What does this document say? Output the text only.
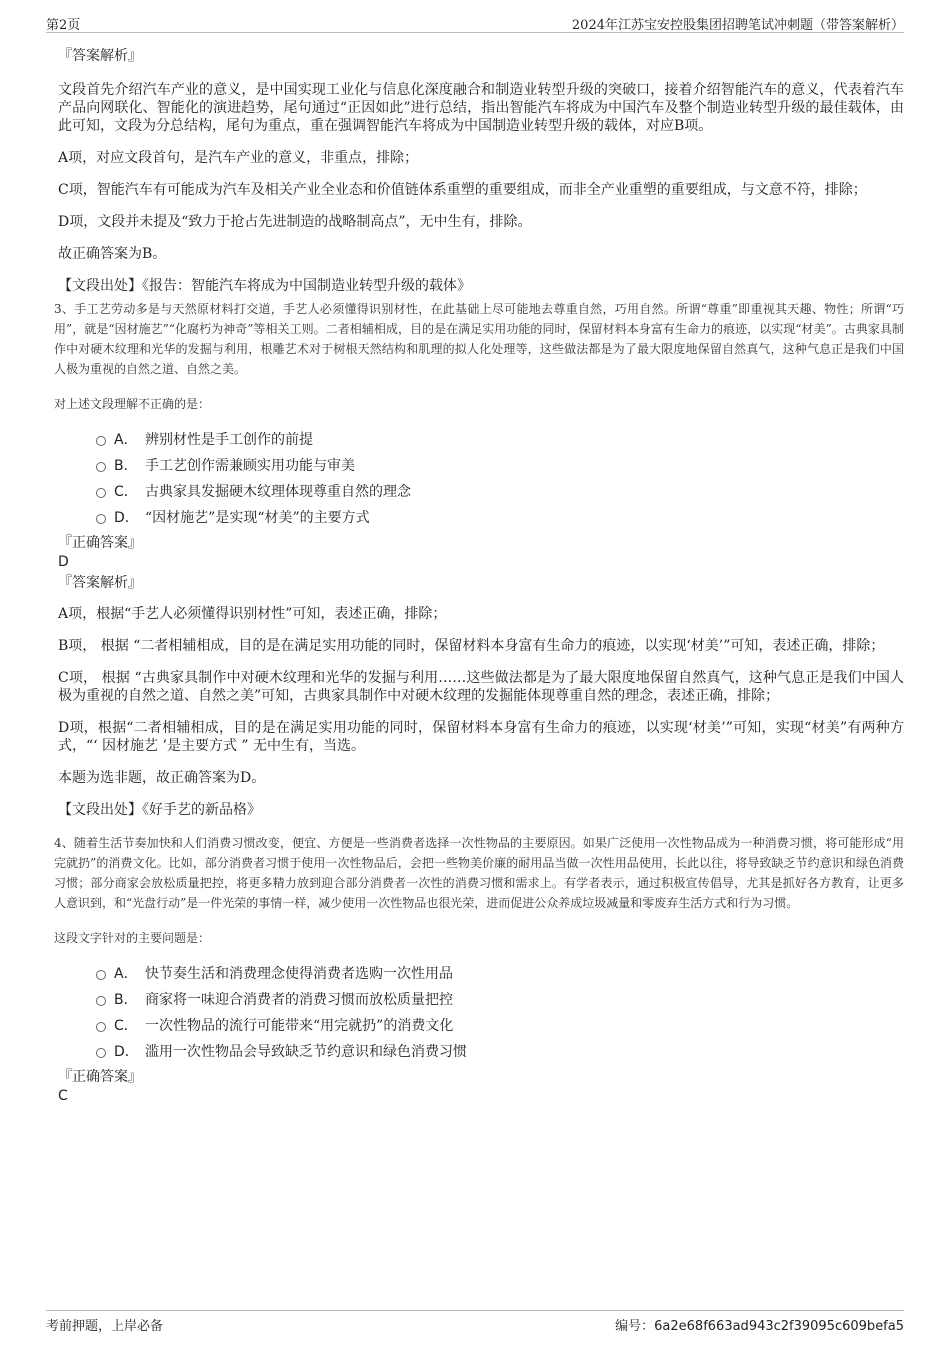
第2页	2024年江苏宝安控股集团招聘笔试冲刺题（带答案解析）
『答案解析』

文段首先介绍汽车产业的意义，是中国实现工业化与信息化深度融合和制造业转型升级的突破口，接着介绍智能汽车的意义，代表着汽车产品向网联化、智能化的演进趋势，尾句通过“正因如此”进行总结，指出智能汽车将成为中国汽车及整个制造业转型升级的最佳载体，由此可知，文段为分总结构，尾句为重点，重在强调智能汽车将成为中国制造业转型升级的载体，对应B项。

A项，对应文段首句，是汽车产业的意义，非重点，排除；

C项，智能汽车有可能成为汽车及相关产业全业态和价值链体系重塑的重要组成，而非全产业重塑的重要组成，与文意不符，排除；

D项，文段并未提及“致力于抢占先进制造的战略制高点”，无中生有，排除。

故正确答案为B。

【文段出处】《报告：智能汽车将成为中国制造业转型升级的载体》

3、手工艺劳动多是与天然原材料打交道，手艺人必须懂得识别材性，在此基础上尽可能地去尊重自然，巧用自然。所谓“尊重”即重视其天趣、物性；所谓“巧用”，就是“因材施艺”“化腐朽为神奇”等相关工则。二者相辅相成，目的是在满足实用功能的同时，保留材料本身富有生命力的痕迹，以实现“材美”。古典家具制作中对硬木纹理和光华的发掘与利用，根雕艺术对于树根天然结构和肌理的拟人化处理等，这些做法都是为了最大限度地保留自然真气，这种气息正是我们中国人极为重视的自然之道、自然之美。

对上述文段理解不正确的是：
A． 辨别材性是手工创作的前提
B． 手工艺创作需兼顾实用功能与审美
C． 古典家具发掘硬木纹理体现尊重自然的理念
D． “因材施艺”是实现“材美”的主要方式
『正确答案』
D
『答案解析』

A项，根据“手艺人必须懂得识别材性”可知，表述正确，排除；

B项， 根据 “二者相辅相成，目的是在满足实用功能的同时，保留材料本身富有生命力的痕迹，以实现‘材美’”可知，表述正确，排除；

C项， 根据 “古典家具制作中对硬木纹理和光华的发掘与利用……这些做法都是为了最大限度地保留自然真气，这种气息正是我们中国人极为重视的自然之道、自然之美”可知，古典家具制作中对硬木纹理的发掘能体现尊重自然的理念，表述正确，排除；

D项，根据“二者相辅相成，目的是在满足实用功能的同时，保留材料本身富有生命力的痕迹，以实现‘材美’”可知，实现“材美”有两种方式，“‘ 因材施艺 ’是主要方式 ” 无中生有，当选。

本题为选非题，故正确答案为D。

【文段出处】《好手艺的新品格》

4、随着生活节奏加快和人们消费习惯改变，便宜、方便是一些消费者选择一次性物品的主要原因。如果广泛使用一次性物品成为一种消费习惯，将可能形成“用完就扔”的消费文化。比如，部分消费者习惯于使用一次性物品后，会把一些物美价廉的耐用品当做一次性用品使用，长此以往，将导致缺乏节约意识和绿色消费习惯；部分商家会放松质量把控，将更多精力放到迎合部分消费者一次性的消费习惯和需求上。有学者表示，通过积极宣传倡导，尤其是抓好各方教育，让更多人意识到，和“光盘行动”是一件光荣的事情一样，减少使用一次性物品也很光荣，进而促进公众养成垃圾减量和零废弃生活方式和行为习惯。

这段文字针对的主要问题是：
A． 快节奏生活和消费理念使得消费者选购一次性用品
B． 商家将一味迎合消费者的消费习惯而放松质量把控
C． 一次性物品的流行可能带来“用完就扔”的消费文化
D． 滥用一次性物品会导致缺乏节约意识和绿色消费习惯
『正确答案』
C
考前押题，上岸必备	编号：6a2e68f663ad943c2f39095c609befa5
